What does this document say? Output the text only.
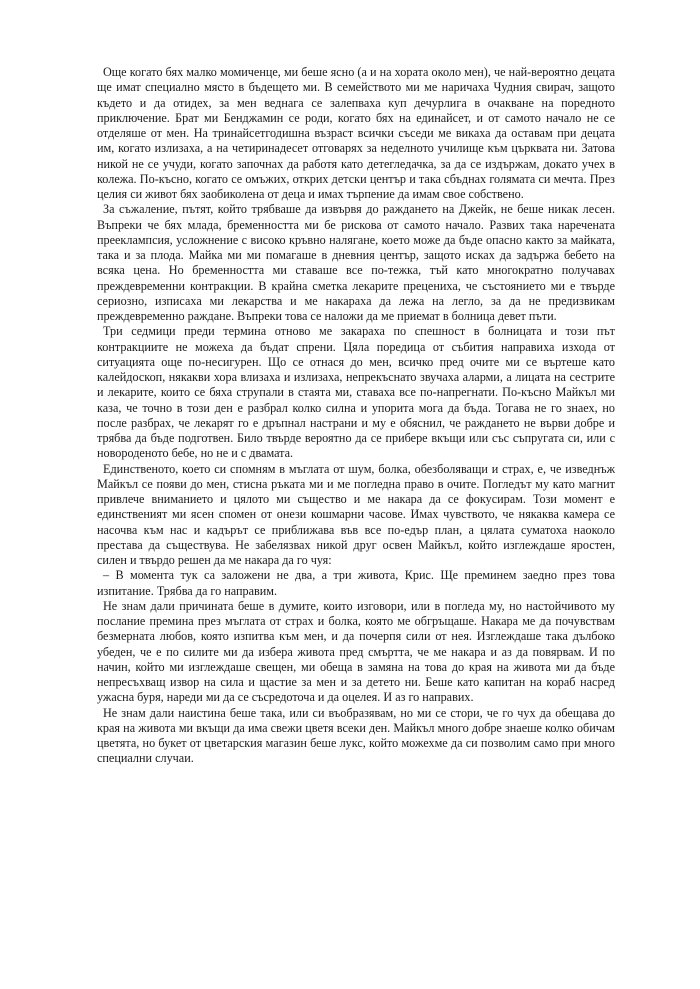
Още когато бях малко момиченце, ми беше ясно (а и на хората около мен), че най-вероятно децата ще имат специално място в бъдещето ми. В семейството ми ме наричаха Чудния свирач, защото където и да отидех, за мен веднага се залепваха куп дечурлига в очакване на поредното приключение. Брат ми Бенджамин се роди, когато бях на единайсет, и от самото начало не се отделяше от мен. На тринайсетгодишна възраст всички съседи ме викаха да оставам при децата им, когато излизаха, а на четиринадесет отговарях за неделното училище към църквата ни. Затова никой не се учуди, когато започнах да работя като детегледачка, за да се издържам, докато учех в колежа. По-късно, когато се омъжих, открих детски център и така сбъднах голямата си мечта. През целия си живот бях заобиколена от деца и имах търпение да имам свое собствено.

За съжаление, пътят, който трябваше да извървя до раждането на Джейк, не беше никак лесен. Въпреки че бях млада, бременността ми бе рискова от самото начало. Развих така наречената прееклампсия, усложнение с високо кръвно налягане, което може да бъде опасно както за майката, така и за плода. Майка ми ми помагаше в дневния център, защото исках да задържа бебето на всяка цена. Но бременността ми ставаше все по-тежка, тъй като многократно получавах преждевременни контракции. В крайна сметка лекарите прецениха, че състоянието ми е твърде сериозно, изписаха ми лекарства и ме накараха да лежа на легло, за да не предизвикам преждевременно раждане. Въпреки това се наложи да ме приемат в болница девет пъти.

Три седмици преди термина отново ме закараха по спешност в болницата и този път контракциите не можеха да бъдат спрени. Цяла поредица от събития направиха изхода от ситуацията още по-несигурен. Що се отнася до мен, всичко пред очите ми се въртеше като калейдоскоп, някакви хора влизаха и излизаха, непрекъснато звучаха аларми, а лицата на сестрите и лекарите, които се бяха струпали в стаята ми, ставаха все по-напрегнати. По-късно Майкъл ми каза, че точно в този ден е разбрал колко силна и упорита мога да бъда. Тогава не го знаех, но после разбрах, че лекарят го е дръпнал настрани и му е обяснил, че раждането не върви добре и трябва да бъде подготвен. Било твърде вероятно да се прибере вкъщи или със съпругата си, или с новороденото бебе, но не и с двамата.

Единственото, което си спомням в мъглата от шум, болка, обезболяващи и страх, е, че изведнъж Майкъл се появи до мен, стисна ръката ми и ме погледна право в очите. Погледът му като магнит привлече вниманието и цялото ми същество и ме накара да се фокусирам. Този момент е единственият ми ясен спомен от онези кошмарни часове. Имах чувството, че някаква камера се насочва към нас и кадърът се приближава във все по-едър план, а цялата суматоха наоколо престава да съществува. Не забелязвах никой друг освен Майкъл, който изглеждаше яростен, силен и твърдо решен да ме накара да го чуя:

– В момента тук са заложени не два, а три живота, Крис. Ще преминем заедно през това изпитание. Трябва да го направим.

Не знам дали причината беше в думите, които изговори, или в погледа му, но настойчивото му послание премина през мъглата от страх и болка, която ме обгръщаше. Накара ме да почувствам безмерната любов, която изпитва към мен, и да почерпя сили от нея. Изглеждаше така дълбоко убеден, че е по силите ми да избера живота пред смъртта, че ме накара и аз да повярвам. И по начин, който ми изглеждаше свещен, ми обеща в замяна на това до края на живота ми да бъде непресъхващ извор на сила и щастие за мен и за детето ни. Беше като капитан на кораб насред ужасна буря, нареди ми да се съсредоточа и да оцелея. И аз го направих.

Не знам дали наистина беше така, или си въобразявам, но ми се стори, че го чух да обещава до края на живота ми вкъщи да има свежи цветя всеки ден. Майкъл много добре знаеше колко обичам цветята, но букет от цветарския магазин беше лукс, който можехме да си позволим само при много специални случаи.
